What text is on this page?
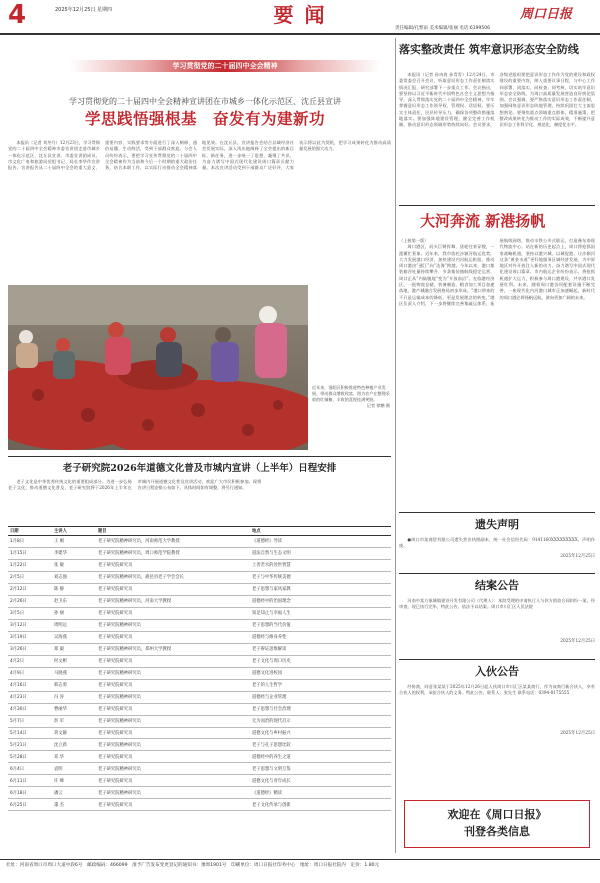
4	2025年12月25日 星期四	要 闻	周口日报
责任编辑/孔繁雨 美术编辑/张丽 电话:6199506
学习贯彻党的二十届四中全会精神
学习贯彻党的二十届四中全会精神宣讲团在市城乡一体化示范区、沈丘县宣讲
学思践悟强根基　奋发有为建新功

本报讯（记者 刘冬月）12月23日，学习贯彻党的二十届四中全会精神市委宣讲团走进市城乡一体化示范区、沈丘县宣讲。市委宣讲团成员，市文化广电和旅游局党组书记、局长李华作宣讲报告。宣讲报告从二十届四中全会的重大意义、重要内容、实践要求等方面进行了深入阐释，通俗易懂、生动鲜活，受到干部群众欢迎。与会人员纷纷表示，要把学习宣传贯彻党的二十届四中全会精神作为当前和今后一个时期的重大政治任务，结合本职工作，以实际行动推动全会精神落地见效。在沈丘县，宣讲报告会结合县域经济社会发展实际，深入浅出地阐释了全会提出的新目标、新任务，进一步统一了思想、凝聚了共识，为奋力谱写中国式现代化建设周口篇章贡献力量。本次宣讲活动受到干部群众广泛好评，大家表示将以此为契机，把学习成果转化为推动高质量发展的强大动力。

近年来，淮阳区积极推进特色种植产业发展，带动群众增收致富。图为农户在整理采收的红辣椒，丰收的喜悦挂满笑脸。
记者 徐鹏 摄
落实整改责任 筑牢意识形态安全防线

本报讯（记者 孙冉冉 孙青青）12月24日，市委常委会召开会议，听取意识形态工作责任制落实情况汇报，研究部署下一步重点工作。会议指出，要坚持以习近平新时代中国特色社会主义思想为指导，深入贯彻落实党的二十届四中全会精神，牢牢掌握意识形态工作领导权、管理权、话语权。要压实主体责任，层层传导压力，确保各项整改措施落地落实。要加强阵地建设管理，健全完善工作机制，推动意识形态领域形势持续向好。会议要求，各级党组织要把意识形态工作作为党的建设和政权建设的重要内容，纳入重要议事日程，与中心工作同部署、同落实、同检查、同考核，切实筑牢意识形态安全防线，为周口高质量发展营造良好舆论氛围。会议强调，要严格落实意识形态工作责任制，加强网络意识形态阵地管理，持续巩固壮大主流思想舆论。要聚焦重点领域重点群体，精准施策，把整改成果转化为推动工作的实际成效，不断提升意识形态工作科学化、规范化、制度化水平。

大河奔流 新港扬帆

（上接第一版）

周口港区，码头巨臂挥舞、货轮往来穿梭，一派繁忙景象。近年来，我市依托沙颍河航运优势，大力发展港口经济，加快建设内河航运枢纽，推动周口港由“通江”向“达海”跨越。今年以来，港口集装箱吞吐量持续攀升，多条集装箱航线稳定运营，周口正从“内陆腹地”变为“开放前沿”。在临港经济区，一批物流仓储、装备制造、粮食加工项目加速落地，港产城融合发展格局初步形成。“港口带来的不只是运输成本的降低，更是发展理念的转变。”港区负责人介绍，下一步将继续完善集疏运体系，拓展航线网络，推动水铁公多式联运，打造豫东南现代物流中心。站在新的历史起点上，周口将抢抓国家战略机遇，坚持以港兴城、以城促港，让沙颍河这条“黄金水道”更好地服务区域经济发展，为中原地区对外开放注入新的动力，奋力谱写中国式现代化建设周口篇章。市内航运企业纷纷表示，将抢抓机遇扩大运力，积极参与周口港建设，共享港口发展红利。未来，随着周口港各项配套设施不断完善，一座现代化内河港口城市正加速崛起，新时代的周口港必将扬帆远航，驶向更加广阔的未来。

老子研究院2026年道德文化普及市城内宣讲（上半年）日程安排

老子文化是中华优秀传统文化的重要组成部分。为进一步弘扬老子文化，推动道德文化普及，老子研究院将于2026年上半年在市城内开展道德文化普及宣讲活动，欢迎广大市民积极参加。现将宣讲日程安排公布如下，具体时间如有调整，将另行通知。

日期	主讲人	题目	地点
1月8日	王 刚	老子研究院精神研究员，河南师范大学教授	《道德经》导读
1月15日	李建华	老子研究院精神研究员，周口师范学院教授	道法自然与生态文明
1月22日	张 敏	老子研究院研究员	上善若水的处世智慧
2月5日	刘志强	老子研究院精神研究员，鹿邑县老子学会会长	老子与中华传统美德
2月12日	陈 静	老子研究院研究员	老子思想与家风家教
2月26日	赵卫东	老子研究院精神研究员，河南大学教授	道德经中的治国理念
3月5日	孙 丽	老子研究院研究员	知足知止与幸福人生
3月12日	周明远	老子研究院精神研究员	老子思想的当代价值
3月19日	吴海燕	老子研究院研究员	道德经与修身养性
3月26日	郑 毅	老子研究院精神研究员，郑州大学教授	老子辩证思维解读
4月2日	何文彬	老子研究院研究员	老子文化与周口历史
4月9日	马晓燕	老子研究院精神研究员	道德文化进校园
4月16日	韩志勇	老子研究院研究员	老子的人生哲学
4月23日	冯 涛	老子研究院精神研究员	道德经与企业管理
4月30日	曹丽华	老子研究院研究员	老子思想与社会治理
5月7日	彭 军	老子研究院精神研究员	无为而治的现代启示
5月14日	蒋文静	老子研究院研究员	道德文化与乡村振兴
5月21日	沈立新	老子研究院精神研究员	老子与孔子思想比较
5月28日	邓 华	老子研究院研究员	道德经中的养生之道
6月4日	袁明	老子研究院精神研究员	老子思想与文明互鉴
6月11日	许 峰	老子研究院研究员	道德文化与青年成长
6月18日	潘云	老子研究院精神研究员	《道德经》精读
6月25日	董 杰	老子研究院研究员	老子文化传承与创新
遗失声明
●周口市某商贸有限公司遗失营业执照副本，统一社会信用代码：9141160XXXXXXXXX，声明作废。
2025年12月25日
结案公告
河南中某方象城镇建设开发有限公司（代理人）：本院受理的申请执行人与你方借款合同纠纷一案，经审查，现已执行完毕，特此公告，依法予以结案。周口市川汇区人民法院
2025年12月25日
入伙公告
经协商，同意张某某于2025年12月26日起入伙周口市川汇区某某商行，作为该商行新合伙人，享有合伙人的权利，承担合伙人的义务。特此公告。联系人：张先生 联系电话：0394-8175555
2025年12月25日
欢迎在《周口日报》
刊登各类信息
社址：河南省周口市周口大道中段6号　邮政编码：466099　准予广告发布变更登记的通知书：豫周1901号　印刷单位：周口日报社印务中心　地址：周口日报社院内　定价：1.80元
